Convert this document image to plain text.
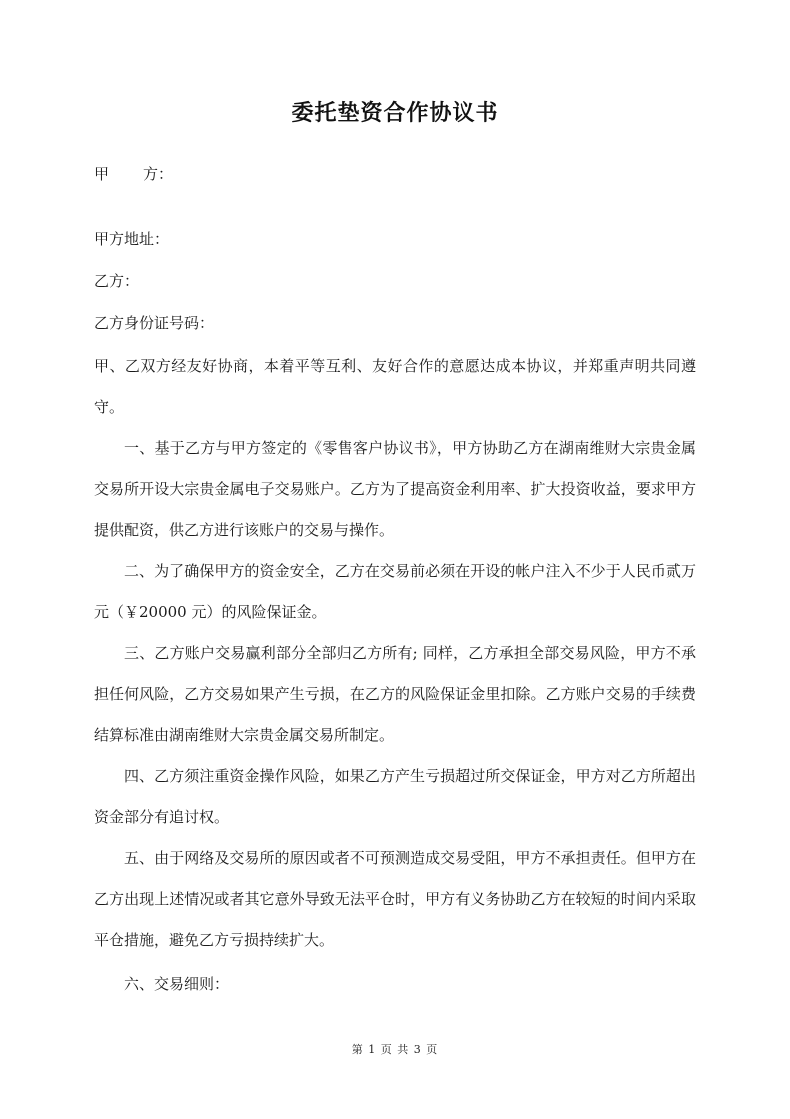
委托垫资合作协议书
甲 方：
甲方地址：
乙方：
乙方身份证号码：
甲、乙双方经友好协商，本着平等互利、友好合作的意愿达成本协议，并郑重声明共同遵守。
一、基于乙方与甲方签定的《零售客户协议书》，甲方协助乙方在湖南维财大宗贵金属交易所开设大宗贵金属电子交易账户。乙方为了提高资金利用率、扩大投资收益，要求甲方提供配资，供乙方进行该账户的交易与操作。
二、为了确保甲方的资金安全，乙方在交易前必须在开设的帐户注入不少于人民币贰万元（￥20000 元）的风险保证金。
三、乙方账户交易赢利部分全部归乙方所有; 同样，乙方承担全部交易风险，甲方不承担任何风险，乙方交易如果产生亏损，在乙方的风险保证金里扣除。乙方账户交易的手续费结算标准由湖南维财大宗贵金属交易所制定。
四、乙方须注重资金操作风险，如果乙方产生亏损超过所交保证金，甲方对乙方所超出资金部分有追讨权。
五、由于网络及交易所的原因或者不可预测造成交易受阻，甲方不承担责任。但甲方在乙方出现上述情况或者其它意外导致无法平仓时，甲方有义务协助乙方在较短的时间内采取平仓措施，避免乙方亏损持续扩大。
六、交易细则：
第 1 页 共 3 页
